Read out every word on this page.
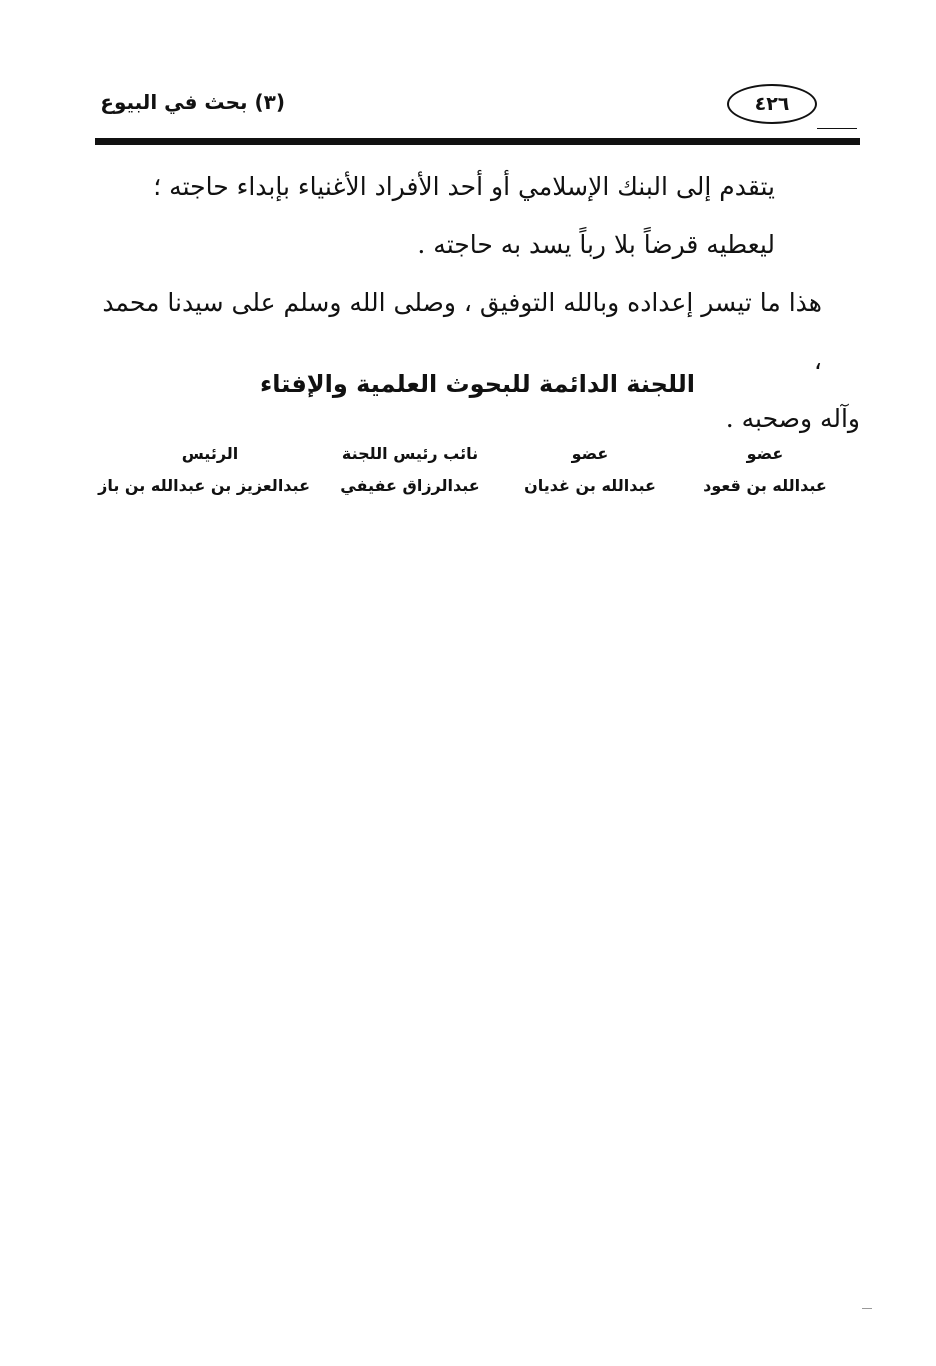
(٣) بحث في البيوع	٤٢٦

يتقدم إلى البنك الإسلامي أو أحد الأفراد الأغنياء بإبداء حاجته ؛

ليعطيه قرضاً بلا رباً يسد به حاجته .

هذا ما تيسر إعداده وبالله التوفيق ، وصلى الله وسلم على سيدنا محمد ،

وآله وصحبه .

اللجنة الدائمة للبحوث العلمية والإفتاء
عضو
عبدالله بن قعود
عضو
عبدالله بن غديان
نائب رئيس اللجنة
عبدالرزاق عفيفي
الرئيس
عبدالعزيز بن عبدالله بن باز
